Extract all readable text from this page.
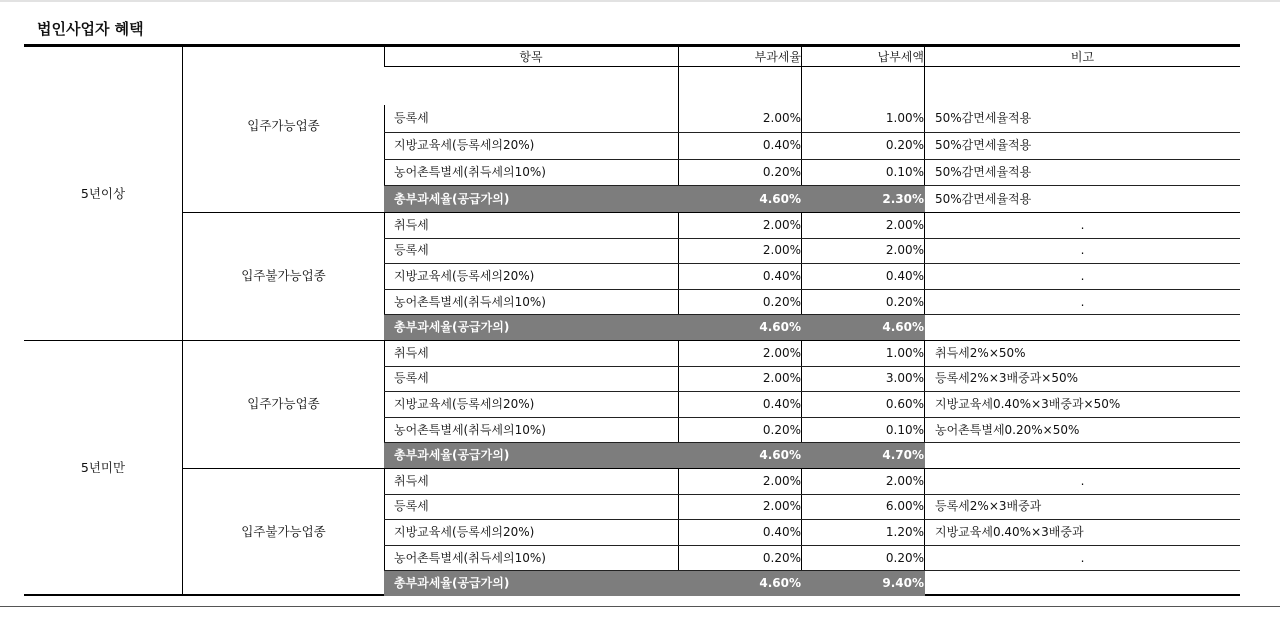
법인사업자 혜택
항목	부과세율	납부세액	비고
5년이상
입주가능업종	등록세	2.00%	1.00% 50%감면세율적용
지방교육세(등록세의20%)	0.40%	0.20% 50%감면세율적용
농어촌특별세(취득세의10%)	0.20%	0.10% 50%감면세율적용
총부과세율(공급가의)	4.60%	2.30% 50%감면세율적용
입주불가능업종
취득세	2.00%	2.00%	.
등록세	2.00%	2.00%	.
지방교육세(등록세의20%)	0.40%	0.40%	.
농어촌특별세(취득세의10%)	0.20%	0.20%	.
총부과세율(공급가의)	4.60%	4.60%
5년미만
입주가능업종
취득세	2.00%	1.00% 취득세2%×50%
등록세	2.00%	3.00% 등록세2%×3배중과×50%
지방교육세(등록세의20%)	0.40%	0.60% 지방교육세0.40%×3배중과×50%
농어촌특별세(취득세의10%)	0.20%	0.10% 농어촌특별세0.20%×50%
총부과세율(공급가의)	4.60%	4.70%
입주불가능업종
취득세	2.00%	2.00%	.
등록세	2.00%	6.00% 등록세2%×3배중과
지방교육세(등록세의20%)	0.40%	1.20% 지방교육세0.40%×3배중과
농어촌특별세(취득세의10%)	0.20%	0.20%	.
총부과세율(공급가의)	4.60%	9.40%
